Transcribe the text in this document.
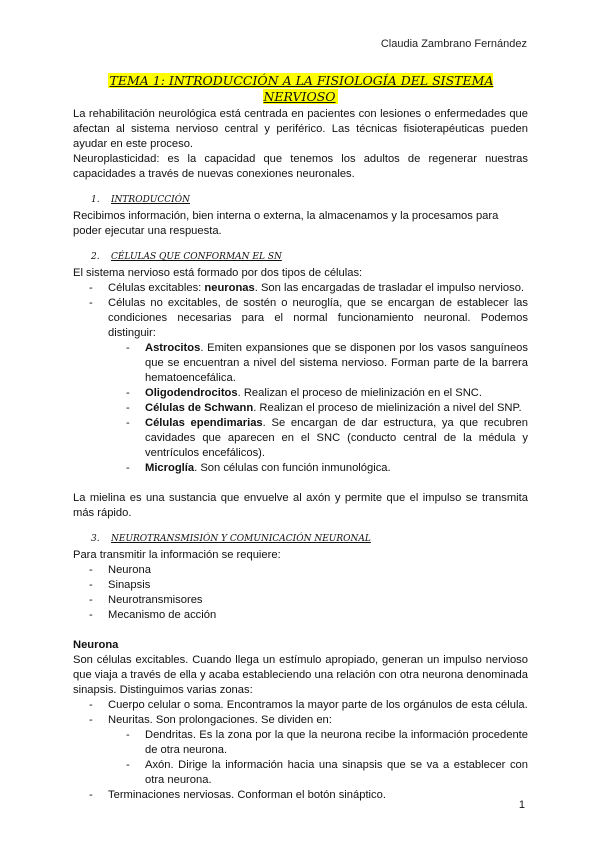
Claudia Zambrano Fernández
TEMA 1: INTRODUCCIÓN A LA FISIOLOGÍA DEL SISTEMA NERVIOSO

La rehabilitación neurológica está centrada en pacientes con lesiones o enfermedades que afectan al sistema nervioso central y periférico. Las técnicas fisioterapéuticas pueden ayudar en este proceso.

Neuroplasticidad: es la capacidad que tenemos los adultos de regenerar nuestras capacidades a través de nuevas conexiones neuronales.

1. INTRODUCCIÓN

Recibimos información, bien interna o externa, la almacenamos y la procesamos para poder ejecutar una respuesta.

2. CÉLULAS QUE CONFORMAN EL SN

El sistema nervioso está formado por dos tipos de células:

- Células excitables: neuronas. Son las encargadas de trasladar el impulso nervioso.
- Células no excitables, de sostén o neuroglía, que se encargan de establecer las condiciones necesarias para el normal funcionamiento neuronal. Podemos distinguir:
- Astrocitos. Emiten expansiones que se disponen por los vasos sanguíneos que se encuentran a nivel del sistema nervioso. Forman parte de la barrera hematoencefálica.
- Oligodendrocitos. Realizan el proceso de mielinización en el SNC.
- Células de Schwann. Realizan el proceso de mielinización a nivel del SNP.
- Células ependimarias. Se encargan de dar estructura, ya que recubren cavidades que aparecen en el SNC (conducto central de la médula y ventrículos encefálicos).
- Microglía. Son células con función inmunológica.

La mielina es una sustancia que envuelve al axón y permite que el impulso se transmita más rápido.

3. NEUROTRANSMISIÓN Y COMUNICACIÓN NEURONAL

Para transmitir la información se requiere:

- Neurona
- Sinapsis
- Neurotransmisores
- Mecanismo de acción

Neurona

Son células excitables. Cuando llega un estímulo apropiado, generan un impulso nervioso que viaja a través de ella y acaba estableciendo una relación con otra neurona denominada sinapsis. Distinguimos varias zonas:

- Cuerpo celular o soma. Encontramos la mayor parte de los orgánulos de esta célula.
- Neuritas. Son prolongaciones. Se dividen en:
- Dendritas. Es la zona por la que la neurona recibe la información procedente de otra neurona.
- Axón. Dirige la información hacia una sinapsis que se va a establecer con otra neurona.
- Terminaciones nerviosas. Conforman el botón sináptico.
1
